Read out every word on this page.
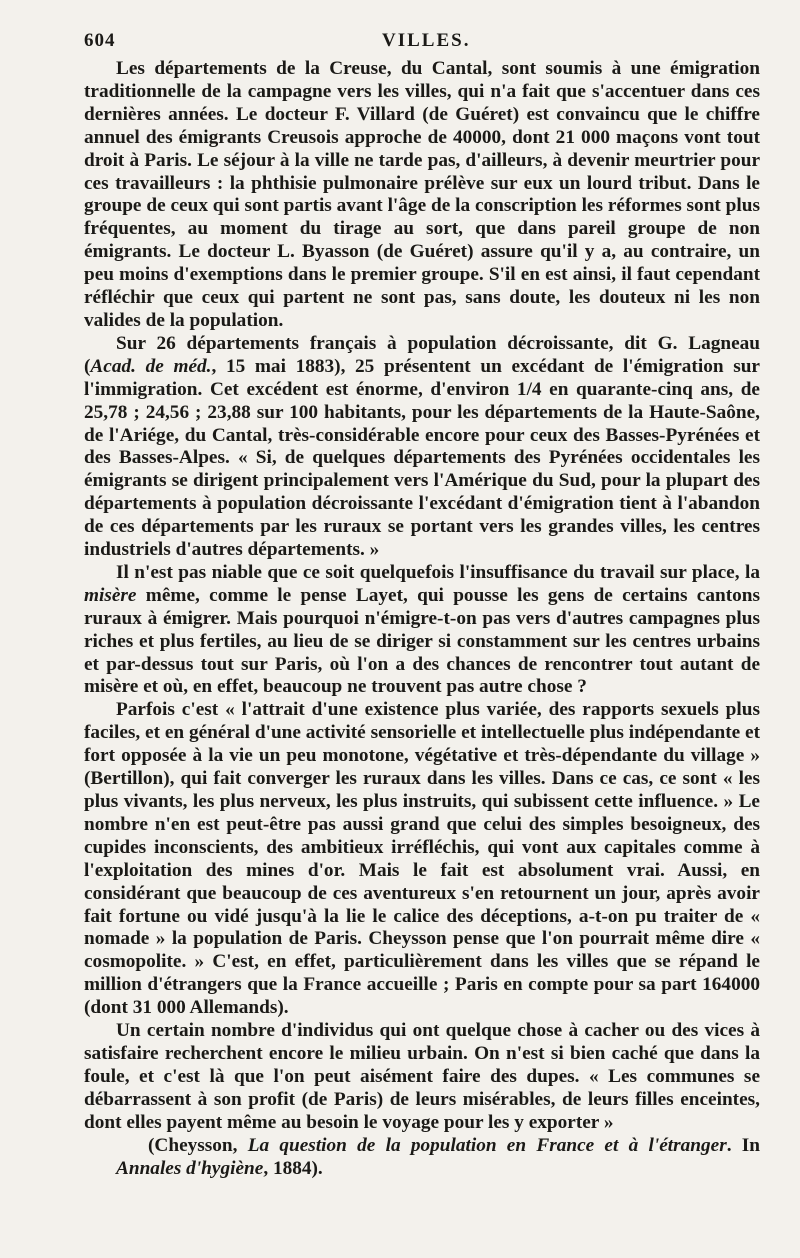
604	VILLES.

Les départements de la Creuse, du Cantal, sont soumis à une émigration traditionnelle de la campagne vers les villes, qui n'a fait que s'accentuer dans ces dernières années. Le docteur F. Villard (de Guéret) est convaincu que le chiffre annuel des émigrants Creusois approche de 40000, dont 21 000 maçons vont tout droit à Paris. Le séjour à la ville ne tarde pas, d'ailleurs, à devenir meurtrier pour ces travailleurs : la phthisie pulmonaire prélève sur eux un lourd tribut. Dans le groupe de ceux qui sont partis avant l'âge de la conscription les réformes sont plus fréquentes, au moment du tirage au sort, que dans pareil groupe de non émigrants. Le docteur L. Byasson (de Guéret) assure qu'il y a, au contraire, un peu moins d'exemptions dans le premier groupe. S'il en est ainsi, il faut cependant réfléchir que ceux qui partent ne sont pas, sans doute, les douteux ni les non valides de la population.

Sur 26 départements français à population décroissante, dit G. Lagneau (Acad. de méd., 15 mai 1883), 25 présentent un excédant de l'émigration sur l'immigration. Cet excédent est énorme, d'environ 1/4 en quarante-cinq ans, de 25,78 ; 24,56 ; 23,88 sur 100 habitants, pour les départements de la Haute-Saône, de l'Ariége, du Cantal, très-considérable encore pour ceux des Basses-Pyrénées et des Basses-Alpes. « Si, de quelques départements des Pyrénées occidentales les émigrants se dirigent principalement vers l'Amérique du Sud, pour la plupart des départements à population décroissante l'excédant d'émigration tient à l'abandon de ces départements par les ruraux se portant vers les grandes villes, les centres industriels d'autres départements. »

Il n'est pas niable que ce soit quelquefois l'insuffisance du travail sur place, la misère même, comme le pense Layet, qui pousse les gens de certains cantons ruraux à émigrer. Mais pourquoi n'émigre-t-on pas vers d'autres campagnes plus riches et plus fertiles, au lieu de se diriger si constamment sur les centres urbains et par-dessus tout sur Paris, où l'on a des chances de rencontrer tout autant de misère et où, en effet, beaucoup ne trouvent pas autre chose ?

Parfois c'est « l'attrait d'une existence plus variée, des rapports sexuels plus faciles, et en général d'une activité sensorielle et intellectuelle plus indépendante et fort opposée à la vie un peu monotone, végétative et très-dépendante du village » (Bertillon), qui fait converger les ruraux dans les villes. Dans ce cas, ce sont « les plus vivants, les plus nerveux, les plus instruits, qui subissent cette influence. » Le nombre n'en est peut-être pas aussi grand que celui des simples besoigneux, des cupides inconscients, des ambitieux irréfléchis, qui vont aux capitales comme à l'exploitation des mines d'or. Mais le fait est absolument vrai. Aussi, en considérant que beaucoup de ces aventureux s'en retournent un jour, après avoir fait fortune ou vidé jusqu'à la lie le calice des déceptions, a-t-on pu traiter de « nomade » la population de Paris. Cheysson pense que l'on pourrait même dire « cosmopolite. » C'est, en effet, particulièrement dans les villes que se répand le million d'étrangers que la France accueille ; Paris en compte pour sa part 164000 (dont 31 000 Allemands).

Un certain nombre d'individus qui ont quelque chose à cacher ou des vices à satisfaire recherchent encore le milieu urbain. On n'est si bien caché que dans la foule, et c'est là que l'on peut aisément faire des dupes. « Les communes se débarrassent à son profit (de Paris) de leurs misérables, de leurs filles enceintes, dont elles payent même au besoin le voyage pour les y exporter »

(Cheysson, La question de la population en France et à l'étranger. In Annales d'hygiène, 1884).
